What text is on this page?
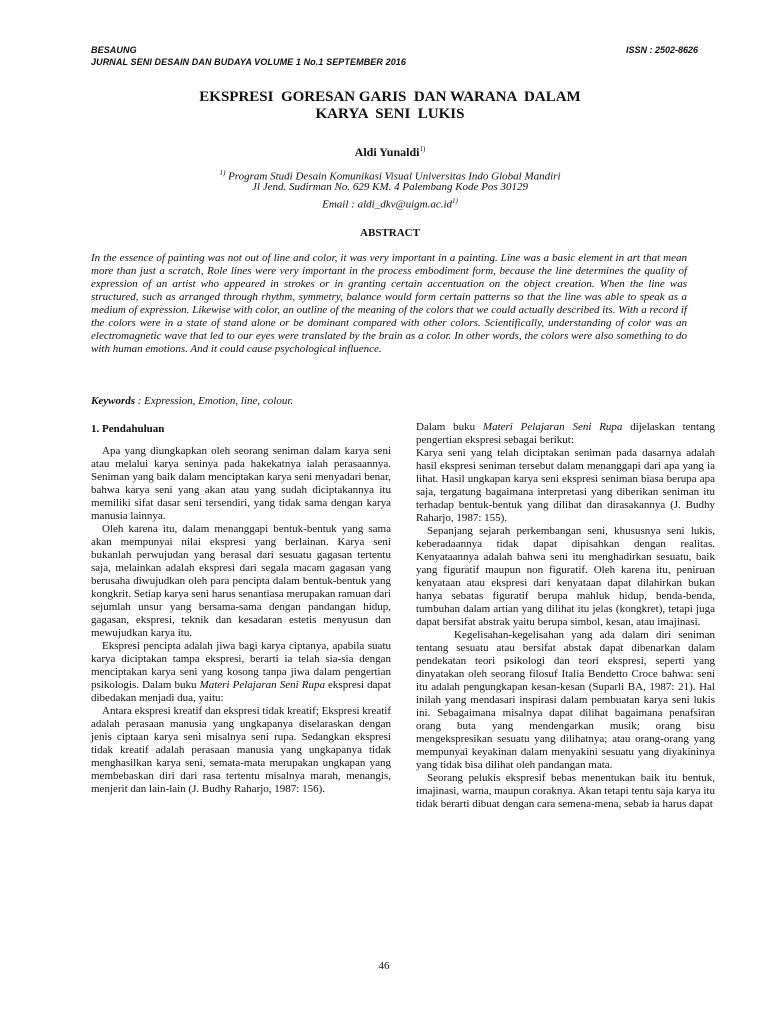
BESAUNG
JURNAL SENI DESAIN DAN BUDAYA VOLUME 1 No.1 SEPTEMBER 2016
ISSN : 2502-8626
EKSPRESI  GORESAN GARIS  DAN WARANA  DALAM
KARYA  SENI  LUKIS
Aldi Yunaldi$^{1)}$
$^{1)}$ Program Studi Desain Komunikasi Visual Universitas Indo Global Mandiri
Jl Jend. Sudirman No. 629 KM. 4 Palembang Kode Pos 30129
Email : $aldi\_dkv@uigm.ac.id^{1)}$
ABSTRACT

In the essence of painting was not out of line and color, it was very important in a painting. Line was a basic element in art that mean more than just a scratch, Role lines were very important in the process embodiment form, because the line determines the quality of expression of an artist who appeared in strokes or in granting certain accentuation on the object creation. When the line was structured, such as arranged through rhythm, symmetry, balance would form certain patterns so that the line was able to speak as a medium of expression. Likewise with color, an outline of the meaning of the colors that we could actually described its. With a record if the colors were in a state of stand alone or be dominant compared with other colors. Scientifically, understanding of color was an electromagnetic wave that led to our eyes were translated by the brain as a color. In other words, the colors were also something to do with human emotions. And it could cause psychological influence.

Keywords : Expression, Emotion, line, colour.

1. Pendahuluan

Apa yang diungkapkan oleh seorang seniman dalam karya seni atau melalui karya seninya pada hakekatnya ialah perasaannya. Seniman yang baik dalam menciptakan karya seni menyadari benar, bahwa karya seni yang akan atau yang sudah diciptakannya itu memiliki sifat dasar seni tersendiri, yang tidak sama dengan karya manusia lainnya.

Oleh karena itu, dalam menanggapi bentuk-bentuk yang sama akan mempunyai nilai ekspresi yang berlainan. Karya seni bukanlah perwujudan yang berasal dari sesuatu gagasan tertentu saja, melainkan adalah ekspresi dari segala macam gagasan yang berusaha diwujudkan oleh para pencipta dalam bentuk-bentuk yang kongkrit. Setiap karya seni harus senantiasa merupakan ramuan dari sejumlah unsur yang bersama-sama dengan pandangan hidup, gagasan, ekspresi, teknik dan kesadaran estetis menyusun dan mewujudkan karya itu.

Ekspresi pencipta adalah jiwa bagi karya ciptanya, apabila suatu karya diciptakan tampa ekspresi, berarti ia telah sia-sia dengan menciptakan karya seni yang kosong tanpa jiwa dalam pengertian psikologis. Dalam buku Materi Pelajaran Seni Rupa ekspresi dapat dibedakan menjadi dua, yaitu:

Antara ekspresi kreatif dan ekspresi tidak kreatif; Ekspresi kreatif adalah perasaan manusia yang ungkapanya diselaraskan dengan jenis ciptaan karya seni misalnya seni rupa. Sedangkan ekspresi tidak kreatif adalah perasaan manusia yang ungkapanya tidak menghasilkan karya seni, semata-mata merupakan ungkapan yang membebaskan diri dari rasa tertentu misalnya marah, menangis, menjerit dan lain-lain (J. Budhy Raharjo, 1987: 156).

Dalam buku Materi Pelajaran Seni Rupa dijelaskan tentang pengertian ekspresi sebagai berikut:

Karya seni yang telah diciptakan seniman pada dasarnya adalah hasil ekspresi seniman tersebut dalam menanggapi dari apa yang ia lihat. Hasil ungkapan karya seni ekspresi seniman biasa berupa apa saja, tergatung bagaimana interpretasi yang diberikan seniman itu terhadap bentuk-bentuk yang dilihat dan dirasakannya (J. Budhy Raharjo, 1987: 155).

Sepanjang sejarah perkembangan seni, khususnya seni lukis, keberadaannya tidak dapat dipisahkan dengan realitas. Kenyataannya adalah bahwa seni itu menghadirkan sesuatu, baik yang figuratif maupun non figuratif. Oleh karena itu, peniruan kenyataan atau ekspresi dari kenyataan dapat dilahirkan bukan hanya sebatas figuratif berupa mahluk hidup, benda-benda, tumbuhan dalam artian yang dilihat itu jelas (kongkret), tetapi juga dapat bersifat abstrak yaitu berupa simbol, kesan, atau imajinasi.

Kegelisahan-kegelisahan yang ada dalam diri seniman tentang sesuatu atau bersifat abstak dapat dibenarkan dalam pendekatan teori psikologi dan teori ekspresi, seperti yang dinyatakan oleh seorang filosuf Italia Bendetto Croce bahwa: seni itu adalah pengungkapan kesan-kesan (Suparli BA, 1987: 21). Hal inilah yang mendasari inspirasi dalam pembuatan karya seni lukis ini. Sebagaimana misalnya dapat dilihat bagaimana penafsiran orang buta yang mendengarkan musik; orang bisu mengekspresikan sesuatu yang dilihatnya; atau orang-orang yang mempunyai keyakinan dalam menyakini sesuatu yang diyakininya yang tidak bisa dilihat oleh pandangan mata.

Seorang pelukis ekspresif bebas menentukan baik itu bentuk, imajinasi, warna, maupun coraknya. Akan tetapi tentu saja karya itu tidak berarti dibuat dengan cara semena-mena, sebab ia harus dapat

46
